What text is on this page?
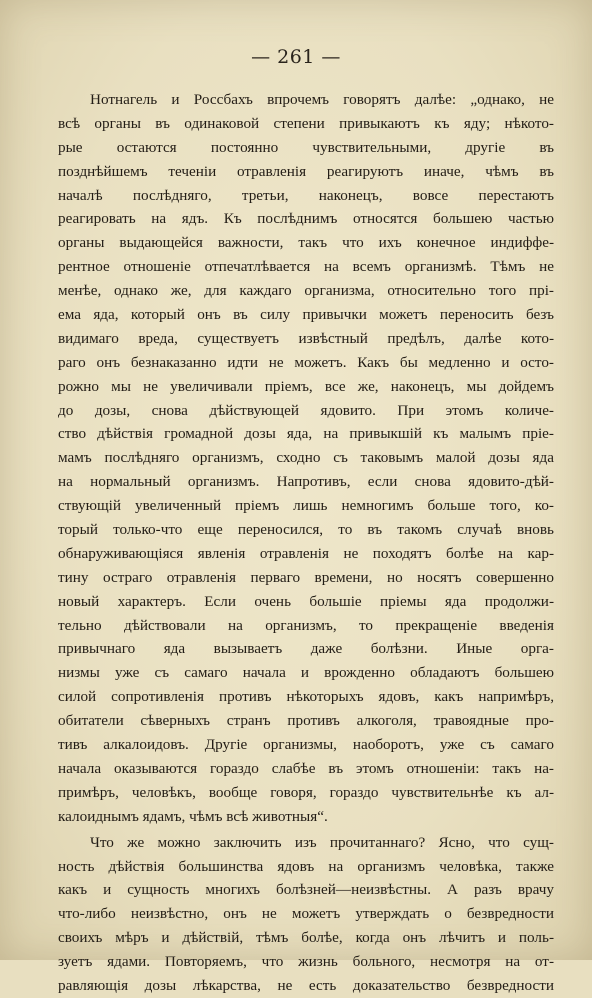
— 261 —
Нотнагель и Россбахъ впрочемъ говорятъ далѣе: „однако, не
всѣ органы въ одинаковой степени привыкаютъ къ яду; нѣкото-
рые остаются постоянно чувствительными, другiе въ
позднѣйшемъ теченiи отравленiя реагируютъ иначе, чѣмъ въ
началѣ послѣдняго, третьи, наконецъ, вовсе перестаютъ
реагировать на ядъ. Къ послѣднимъ относятся большею частью
органы выдающейся важности, такъ что ихъ конечное индиффе-
рентное отношенiе отпечатлѣвается на всемъ организмѣ. Тѣмъ не
менѣе, однако же, для каждаго организма, относительно того прi-
ема яда, который онъ въ силу привычки можетъ переносить безъ
видимаго вреда, существуетъ извѣстный предѣлъ, далѣе кото-
раго онъ безнаказанно идти не можетъ. Какъ бы медленно и осто-
рожно мы не увеличивали прiемъ, все же, наконецъ, мы дойдемъ
до дозы, снова дѣйствующей ядовито. При этомъ количе-
ство дѣйствiя громадной дозы яда, на привыкшiй къ малымъ прiе-
мамъ послѣдняго организмъ, сходно съ таковымъ малой дозы яда
на нормальный организмъ. Напротивъ, если снова ядовито-дѣй-
ствующiй увеличенный прiемъ лишь немногимъ больше того, ко-
торый только-что еще переносился, то въ такомъ случаѣ вновь
обнаруживающiяся явленiя отравленiя не походятъ болѣе на кар-
тину остраго отравленiя перваго времени, но носятъ совершенно
новый характеръ. Если очень большiе прiемы яда продолжи-
тельно дѣйствовали на организмъ, то прекращенiе введенiя
привычнаго яда вызываетъ даже болѣзни. Иные орга-
низмы уже съ самаго начала и врожденно обладаютъ большею
силой сопротивленiя противъ нѣкоторыхъ ядовъ, какъ напримѣръ,
обитатели сѣверныхъ странъ противъ алкоголя, травоядные про-
тивъ алкалоидовъ. Другiе организмы, наоборотъ, уже съ самаго
начала оказываются гораздо слабѣе въ этомъ отношенiи: такъ на-
примѣръ, человѣкъ, вообще говоря, гораздо чувствительнѣе къ ал-
калоиднымъ ядамъ, чѣмъ всѣ животныя“.
Что же можно заключить изъ прочитаннаго? Ясно, что сущ-
ность дѣйствiя большинства ядовъ на организмъ человѣка, также
какъ и сущность многихъ болѣзней—неизвѣстны. А разъ врачу
что-либо неизвѣстно, онъ не можетъ утверждать о безвредности
своихъ мѣръ и дѣйствiй, тѣмъ болѣе, когда онъ лѣчитъ и поль-
зуетъ ядами. Повторяемъ, что жизнь больного, несмотря на от-
равляющiя дозы лѣкарства, не есть доказательство безвредности
